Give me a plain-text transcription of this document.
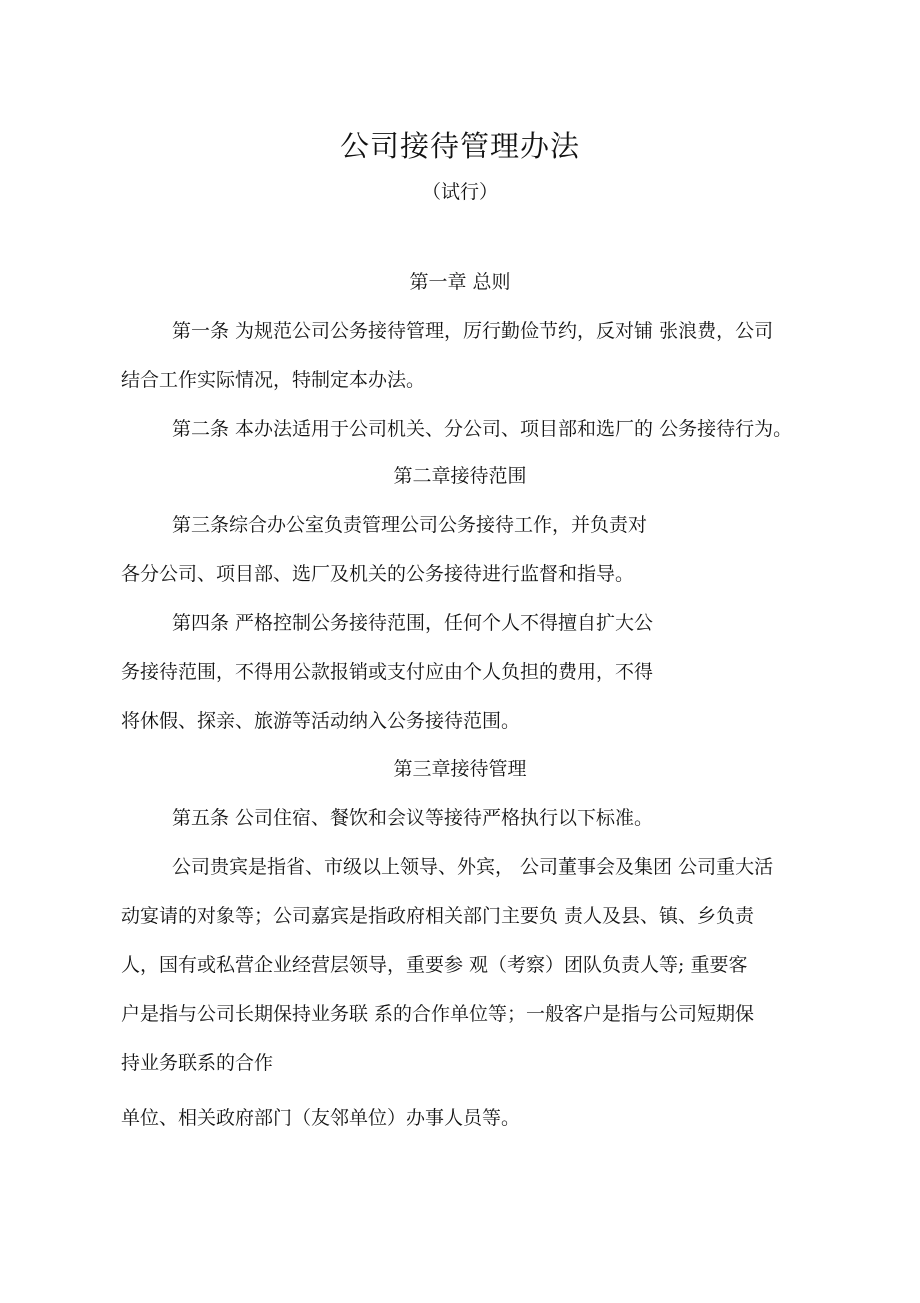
公司接待管理办法
（试行）
第一章 总则
第一条 为规范公司公务接待管理，厉行勤俭节约，反对铺 张浪费，公司
结合工作实际情况，特制定本办法。
第二条 本办法适用于公司机关、分公司、项目部和选厂的 公务接待行为。
第二章接待范围
第三条综合办公室负责管理公司公务接待工作，并负责对
各分公司、项目部、选厂及机关的公务接待进行监督和指导。
第四条 严格控制公务接待范围，任何个人不得擅自扩大公
务接待范围，不得用公款报销或支付应由个人负担的费用，不得
将休假、探亲、旅游等活动纳入公务接待范围。
第三章接待管理
第五条 公司住宿、餐饮和会议等接待严格执行以下标准。
公司贵宾是指省、市级以上领导、外宾， 公司董事会及集团 公司重大活
动宴请的对象等；公司嘉宾是指政府相关部门主要负 责人及县、镇、乡负责
人，国有或私营企业经营层领导，重要参 观（考察）团队负责人等; 重要客
户是指与公司长期保持业务联 系的合作单位等；一般客户是指与公司短期保
持业务联系的合作
单位、相关政府部门（友邻单位）办事人员等。
